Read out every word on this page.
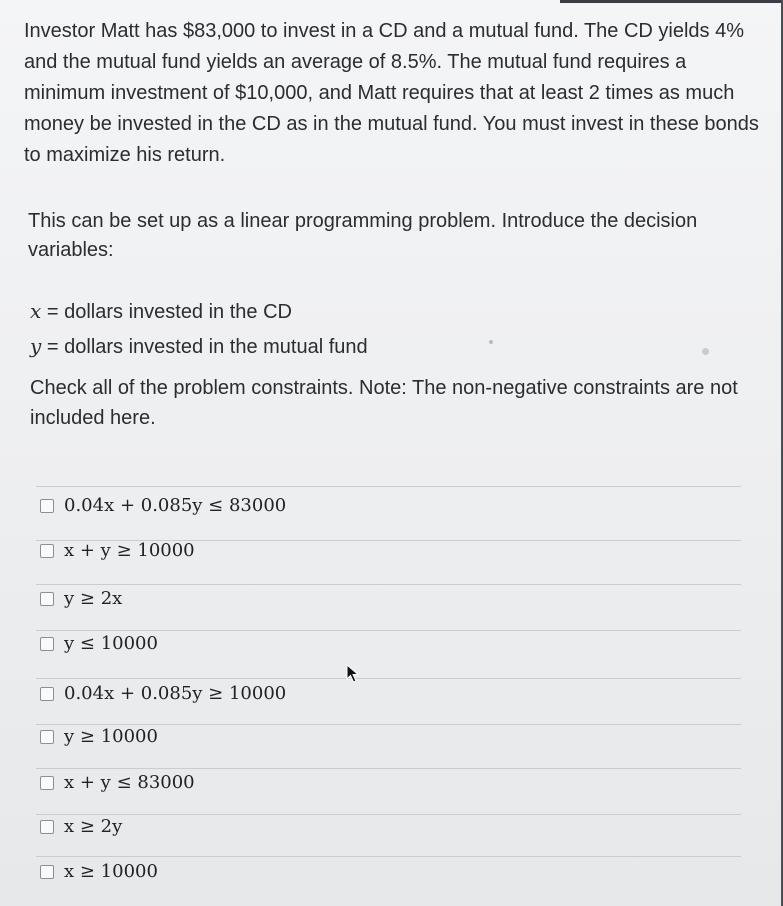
Investor Matt has $83,000 to invest in a CD and a mutual fund. The CD yields 4% and the mutual fund yields an average of 8.5%. The mutual fund requires a minimum investment of $10,000, and Matt requires that at least 2 times as much money be invested in the CD as in the mutual fund. You must invest in these bonds to maximize his return.

This can be set up as a linear programming problem. Introduce the decision variables:

x = dollars invested in the CD
y = dollars invested in the mutual fund

Check all of the problem constraints. Note: The non-negative constraints are not included here.

0.04x + 0.085y ≤ 83000
x + y ≥ 10000
y ≥ 2x
y ≤ 10000
0.04x + 0.085y ≥ 10000
y ≥ 10000
x + y ≤ 83000
x ≥ 2y
x ≥ 10000
